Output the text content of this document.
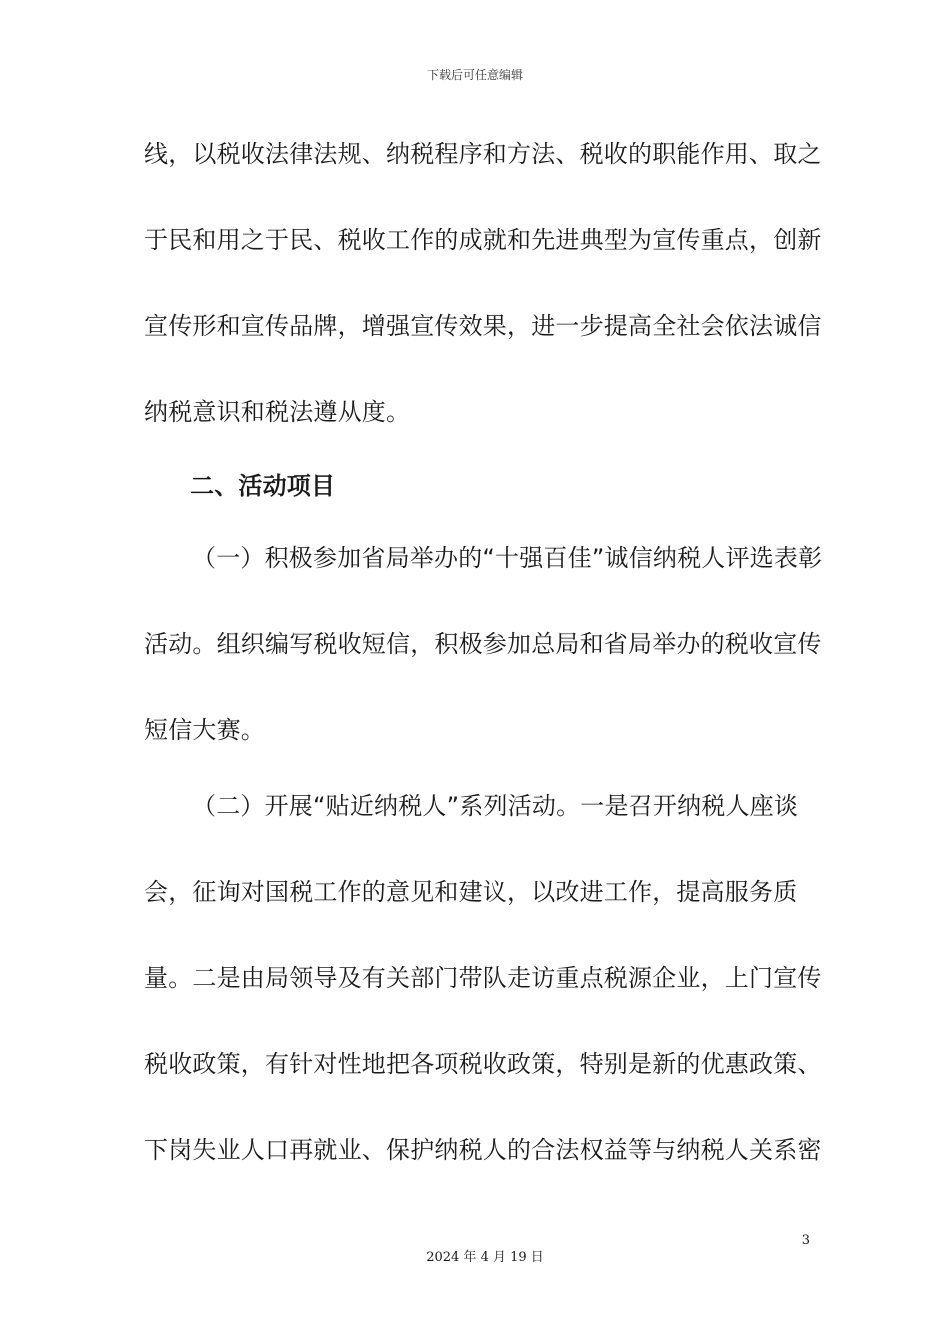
下载后可任意编辑
线，以税收法律法规、纳税程序和方法、税收的职能作用、取之
于民和用之于民、税收工作的成就和先进典型为宣传重点，创新
宣传形和宣传品牌，增强宣传效果，进一步提高全社会依法诚信
纳税意识和税法遵从度。
二、活动项目
（一）积极参加省局举办的“十强百佳”诚信纳税人评选表彰
活动。组织编写税收短信，积极参加总局和省局举办的税收宣传
短信大赛。
（二）开展“贴近纳税人”系列活动。一是召开纳税人座谈
会，征询对国税工作的意见和建议，以改进工作，提高服务质
量。二是由局领导及有关部门带队走访重点税源企业，上门宣传
税收政策，有针对性地把各项税收政策，特别是新的优惠政策、
下岗失业人口再就业、保护纳税人的合法权益等与纳税人关系密
3
2024 年 4 月 19 日
